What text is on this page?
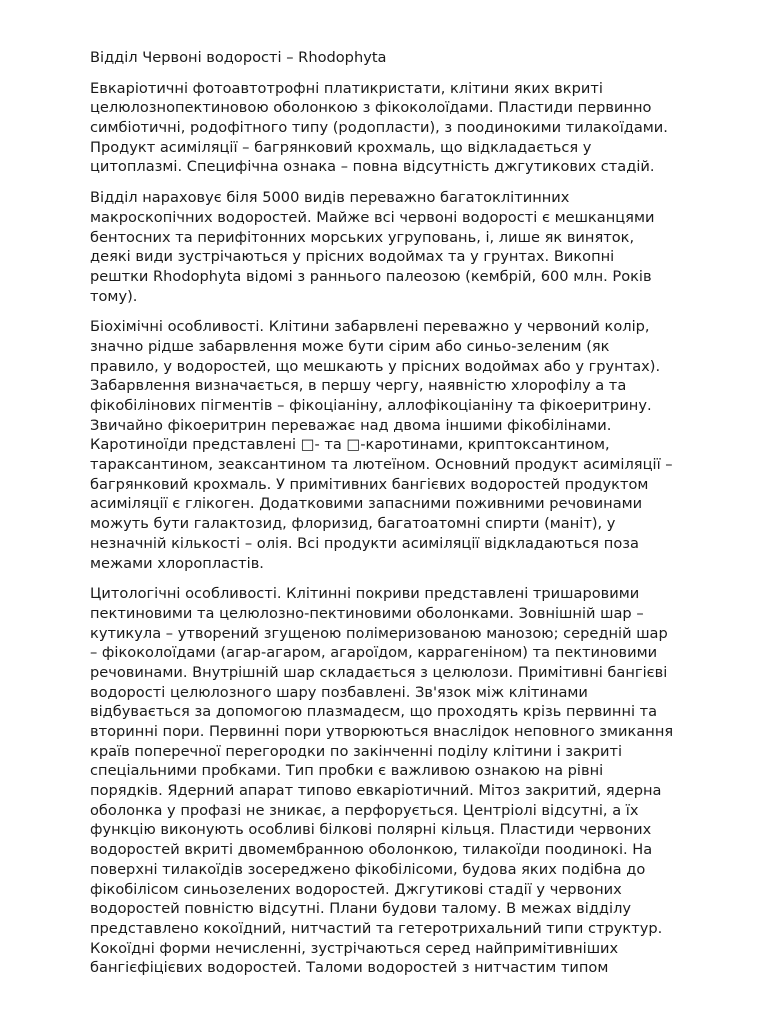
Відділ Червоні водорості – Rhodophyta
Евкаріотичні фотоавтотрофні платикристати, клітини яких вкриті
целюлознопектиновою оболонкою з фікоколоїдами. Пластиди первинно
симбіотичні, родофітного типу (родопласти), з поодинокими тилакоїдами.
Продукт асиміляції – багрянковий крохмаль, що відкладається у
цитоплазмі. Специфічна ознака – повна відсутність джгутикових стадій.
Відділ нараховує біля 5000 видів переважно багатоклітинних
макроскопічних водоростей. Майже всі червоні водорості є мешканцями
бентосних та перифітонних морських угруповань, і, лише як виняток,
деякі види зустрічаються у прісних водоймах та у грунтах. Викопні
рештки Rhodophyta відомі з раннього палеозою (кембрій, 600 млн. Років
тому).
Біохімічні особливості. Клітини забарвлені переважно у червоний колір,
значно рідше забарвлення може бути сірим або синьо-зеленим (як
правило, у водоростей, що мешкають у прісних водоймах або у грунтах).
Забарвлення визначається, в першу чергу, наявністю хлорофілу а та
фікобілінових пігментів – фікоціаніну, аллофікоціаніну та фікоеритрину.
Звичайно фікоеритрин переважає над двома іншими фікобілінами.
Каротиноїди представлені □- та □-каротинами, криптоксантином,
тараксантином, зеаксантином та лютеїном. Основний продукт асиміляції –
багрянковий крохмаль. У примітивних бангієвих водоростей продуктом
асиміляції є глікоген. Додатковими запасними поживними речовинами
можуть бути галактозид, флоризид, багатоатомні спирти (маніт), у
незначній кількості – олія. Всі продукти асиміляції відкладаються поза
межами хлоропластів.
Цитологічні особливості. Клітинні покриви представлені тришаровими
пектиновими та целюлозно-пектиновими оболонками. Зовнішній шар –
кутикула – утворений згущеною полімеризованою манозою; середній шар
– фікоколоїдами (агар-агаром, агароїдом, каррагеніном) та пектиновими
речовинами. Внутрішній шар складається з целюлози. Примітивні бангієві
водорості целюлозного шару позбавлені. Зв'язок між клітинами
відбувається за допомогою плазмадесм, що проходять крізь первинні та
вторинні пори. Первинні пори утворюються внаслідок неповного змикання
країв поперечної перегородки по закінченні поділу клітини і закриті
спеціальними пробками. Тип пробки є важливою ознакою на рівні
порядків. Ядерний апарат типово евкаріотичний. Мітоз закритий, ядерна
оболонка у профазі не зникає, а перфорується. Центріолі відсутні, а їх
функцію виконують особливі білкові полярні кільця. Пластиди червоних
водоростей вкриті двомембранною оболонкою, тилакоїди поодинокі. На
поверхні тилакоїдів зосереджено фікобілісоми, будова яких подібна до
фікобілісом синьозелених водоростей. Джгутикові стадії у червоних
водоростей повністю відсутні. Плани будови талому. В межах відділу
представлено кокоїдний, нитчастий та гетеротрихальний типи структур.
Кокоїдні форми нечисленні, зустрічаються серед найпримітивніших
бангієфіцієвих водоростей. Таломи водоростей з нитчастим типом
